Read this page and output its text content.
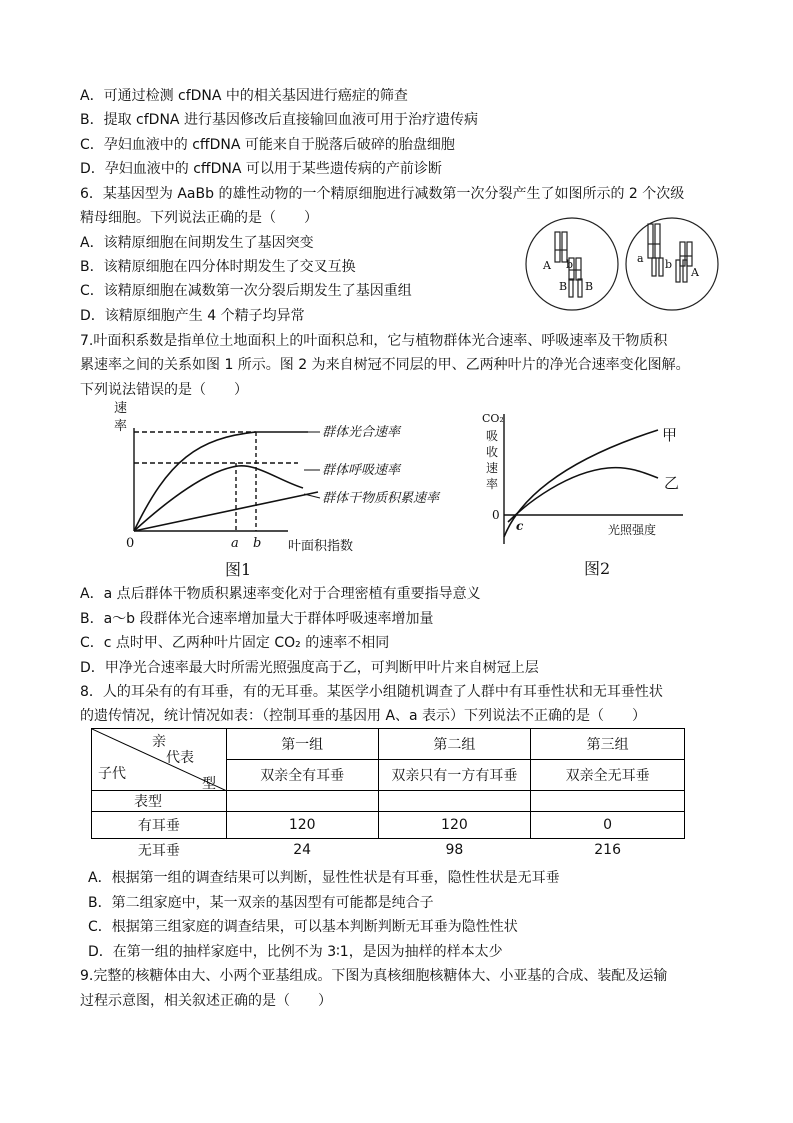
A．可通过检测 cfDNA 中的相关基因进行癌症的筛查
B．提取 cfDNA 进行基因修改后直接输回血液可用于治疗遗传病
C．孕妇血液中的 cffDNA 可能来自于脱落后破碎的胎盘细胞
D．孕妇血液中的 cffDNA 可以用于某些遗传病的产前诊断
6．某基因型为 AaBb 的雄性动物的一个精原细胞进行减数第一次分裂产生了如图所示的 2 个次级
精母细胞。下列说法正确的是（　　）
A．该精原细胞在间期发生了基因突变
B．该精原细胞在四分体时期发生了交叉互换
C．该精原细胞在减数第一次分裂后期发生了基因重组
D．该精原细胞产生 4 个精子均异常
A b
B B
a b
A
7.叶面积系数是指单位土地面积上的叶面积总和，它与植物群体光合速率、呼吸速率及干物质积
累速率之间的关系如图 1 所示。图 2 为来自树冠不同层的甲、乙两种叶片的净光合速率变化图解。
下列说法错误的是（　　）
速
率	群体光合速率
群体呼吸速率
群体干物质积累速率
0	a b 叶面积指数
图1
CO₂
吸
收
速
率
0
c
甲
乙
光照强度
图2
A．a 点后群体干物质积累速率变化对于合理密植有重要指导意义
B．a～b 段群体光合速率增加量大于群体呼吸速率增加量
C．c 点时甲、乙两种叶片固定 CO₂ 的速率不相同
D．甲净光合速率最大时所需光照强度高于乙，可判断甲叶片来自树冠上层
8．人的耳朵有的有耳垂，有的无耳垂。某医学小组随机调查了人群中有耳垂性状和无耳垂性状
的遗传情况，统计情况如表：（控制耳垂的基因用 A、a 表示）下列说法不正确的是（　　）
亲
代表
子代
型	第一组	第二组	第三组
	双亲全有耳垂	双亲只有一方有耳垂	双亲全无耳垂
表型			
有耳垂	120	120	0
无耳垂	24	98	216
A．根据第一组的调查结果可以判断，显性性状是有耳垂，隐性性状是无耳垂
B．第二组家庭中，某一双亲的基因型有可能都是纯合子
C．根据第三组家庭的调查结果，可以基本判断判断无耳垂为隐性性状
D．在第一组的抽样家庭中，比例不为 3∶1，是因为抽样的样本太少
9.完整的核糖体由大、小两个亚基组成。下图为真核细胞核糖体大、小亚基的合成、装配及运输
过程示意图，相关叙述正确的是（　　）
